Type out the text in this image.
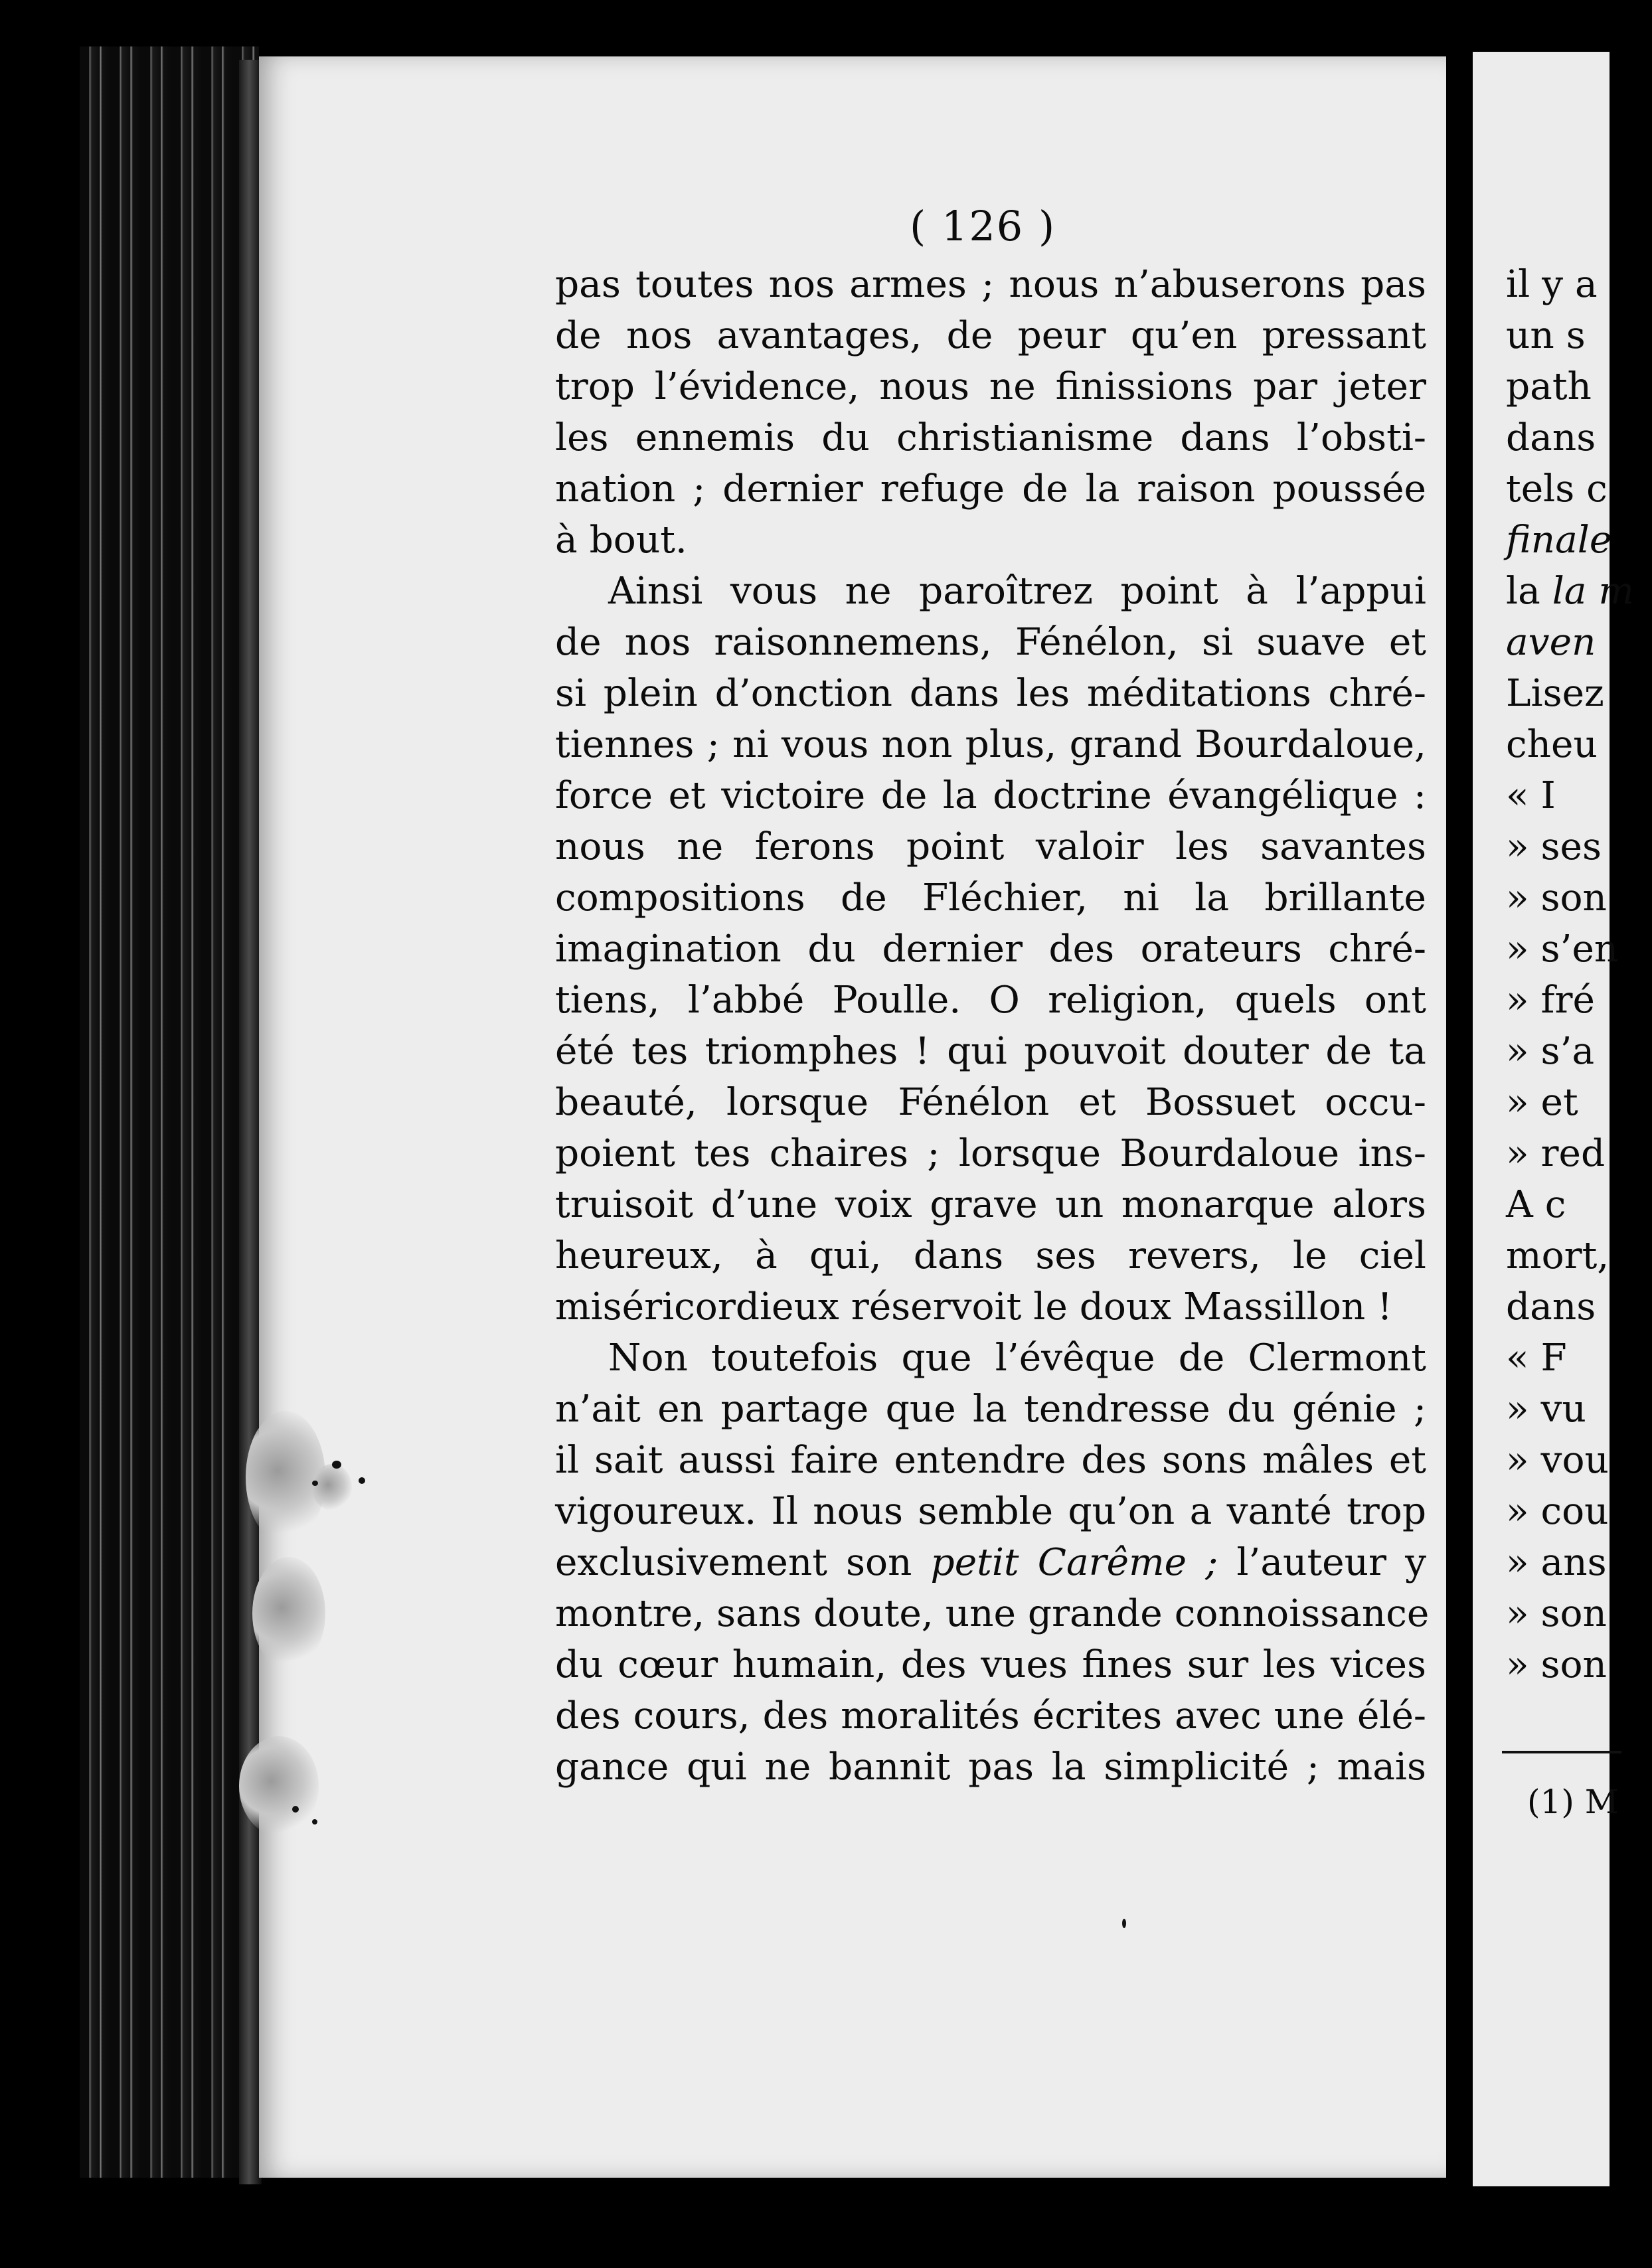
( 126 )
pas toutes nos armes ; nous n’abuserons pas
de nos avantages, de peur qu’en pressant
trop l’évidence, nous ne finissions par jeter
les ennemis du christianisme dans l’obsti-
nation ; dernier refuge de la raison poussée
à bout.
Ainsi vous ne paroîtrez point à l’appui
de nos raisonnemens, Fénélon, si suave et
si plein d’onction dans les méditations chré-
tiennes ; ni vous non plus, grand Bourdaloue,
force et victoire de la doctrine évangélique :
nous ne ferons point valoir les savantes
compositions de Fléchier, ni la brillante
imagination du dernier des orateurs chré-
tiens, l’abbé Poulle. O religion, quels ont
été tes triomphes ! qui pouvoit douter de ta
beauté, lorsque Fénélon et Bossuet occu-
poient tes chaires ; lorsque Bourdaloue ins-
truisoit d’une voix grave un monarque alors
heureux, à qui, dans ses revers, le ciel
miséricordieux réservoit le doux Massillon !
Non toutefois que l’évêque de Clermont
n’ait en partage que la tendresse du génie ;
il sait aussi faire entendre des sons mâles et
vigoureux. Il nous semble qu’on a vanté trop
exclusivement son petit Carême ; l’auteur y
montre, sans doute, une grande connoissance
du cœur humain, des vues fines sur les vices
des cours, des moralités écrites avec une élé-
gance qui ne bannit pas la simplicité ; mais
il y a
un s
path
dans
tels c
finale
la la m
aven
Lisez
cheu
« I
» ses
» son
» s’en
» fré
» s’a
» et
» red
A c
mort,
dans
« F
» vu
» vou
» cou
» ans
» son
» son
(1) M
